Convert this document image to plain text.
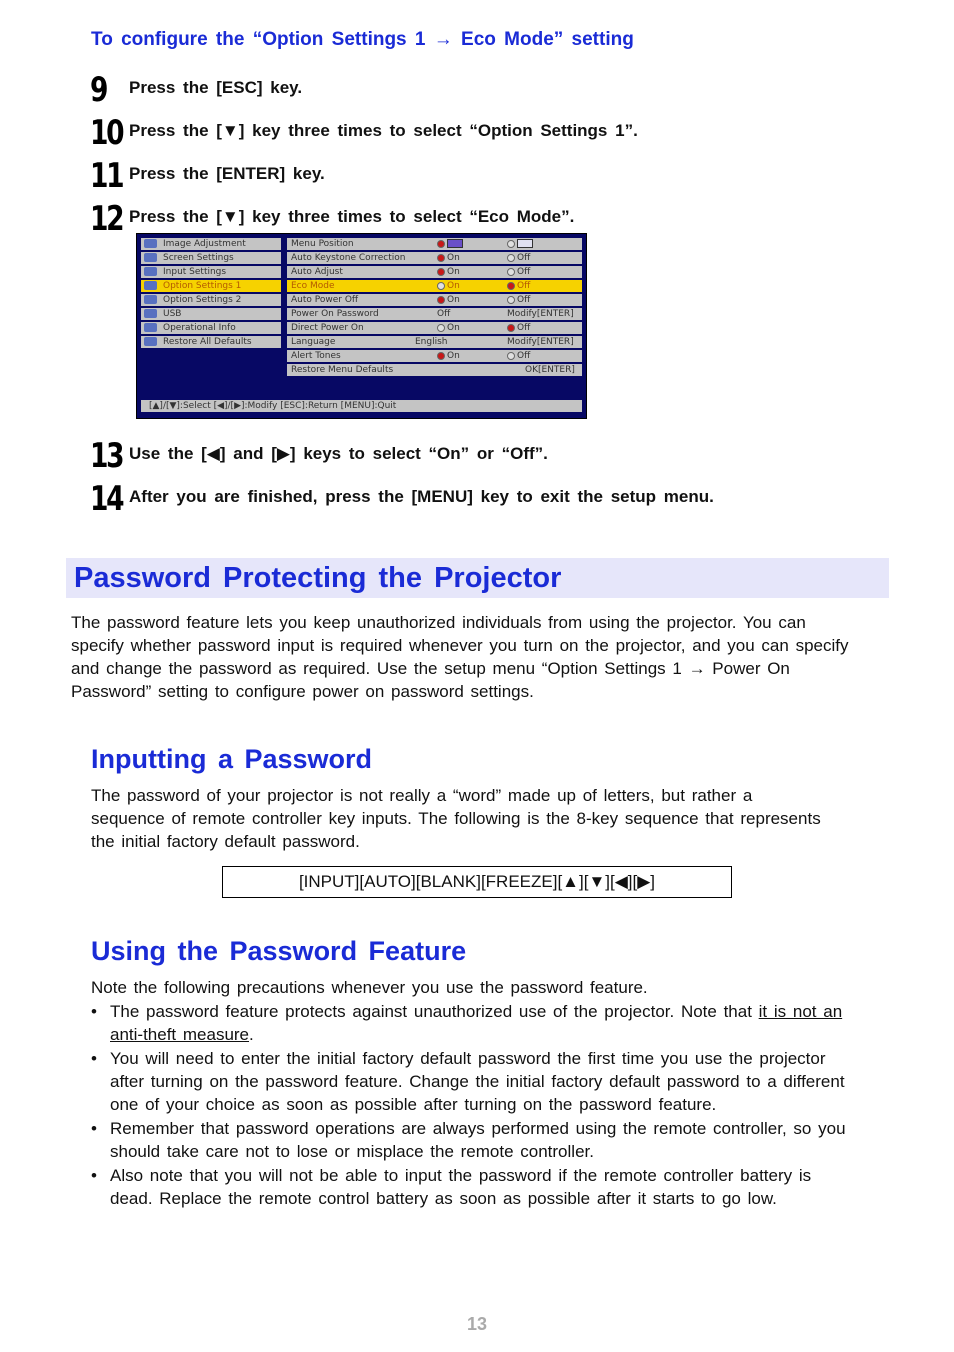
To configure the “Option Settings 1 → Eco Mode” setting
9 Press the [ESC] key.
10 Press the [▼] key three times to select “Option Settings 1”.
11 Press the [ENTER] key.
12 Press the [▼] key three times to select “Eco Mode”.
Image Adjustment
Screen Settings
Input Settings
Option Settings 1
Option Settings 2
USB
Operational Info
Restore All Defaults
Menu Position
Auto Keystone Correction	On	Off
Auto Adjust	On	Off
Eco Mode	On	Off
Auto Power Off	On	Off
Power On Password	Off	Modify[ENTER]
Direct Power On	On	Off
Language	English	Modify[ENTER]
Alert Tones	On	Off
Restore Menu Defaults	OK[ENTER]
[▲]/[▼]:Select [◀]/[▶]:Modify [ESC]:Return [MENU]:Quit
13 Use the [◀] and [▶] keys to select “On” or “Off”.
14 After you are finished, press the [MENU] key to exit the setup menu.
Password Protecting the Projector
The password feature lets you keep unauthorized individuals from using the projector. You can specify whether password input is required whenever you turn on the projector, and you can specify and change the password as required. Use the setup menu “Option Settings 1 → Power On Password” setting to configure power on password settings.
Inputting a Password
The password of your projector is not really a “word” made up of letters, but rather a sequence of remote controller key inputs. The following is the 8-key sequence that represents the initial factory default password.
[INPUT][AUTO][BLANK][FREEZE][▲][▼][◀][▶]
Using the Password Feature
Note the following precautions whenever you use the password feature.
• The password feature protects against unauthorized use of the projector. Note that it is not an anti-theft measure.
• You will need to enter the initial factory default password the first time you use the projector after turning on the password feature. Change the initial factory default password to a different one of your choice as soon as possible after turning on the password feature.
• Remember that password operations are always performed using the remote controller, so you should take care not to lose or misplace the remote controller.
• Also note that you will not be able to input the password if the remote controller battery is dead. Replace the remote control battery as soon as possible after it starts to go low.
13
